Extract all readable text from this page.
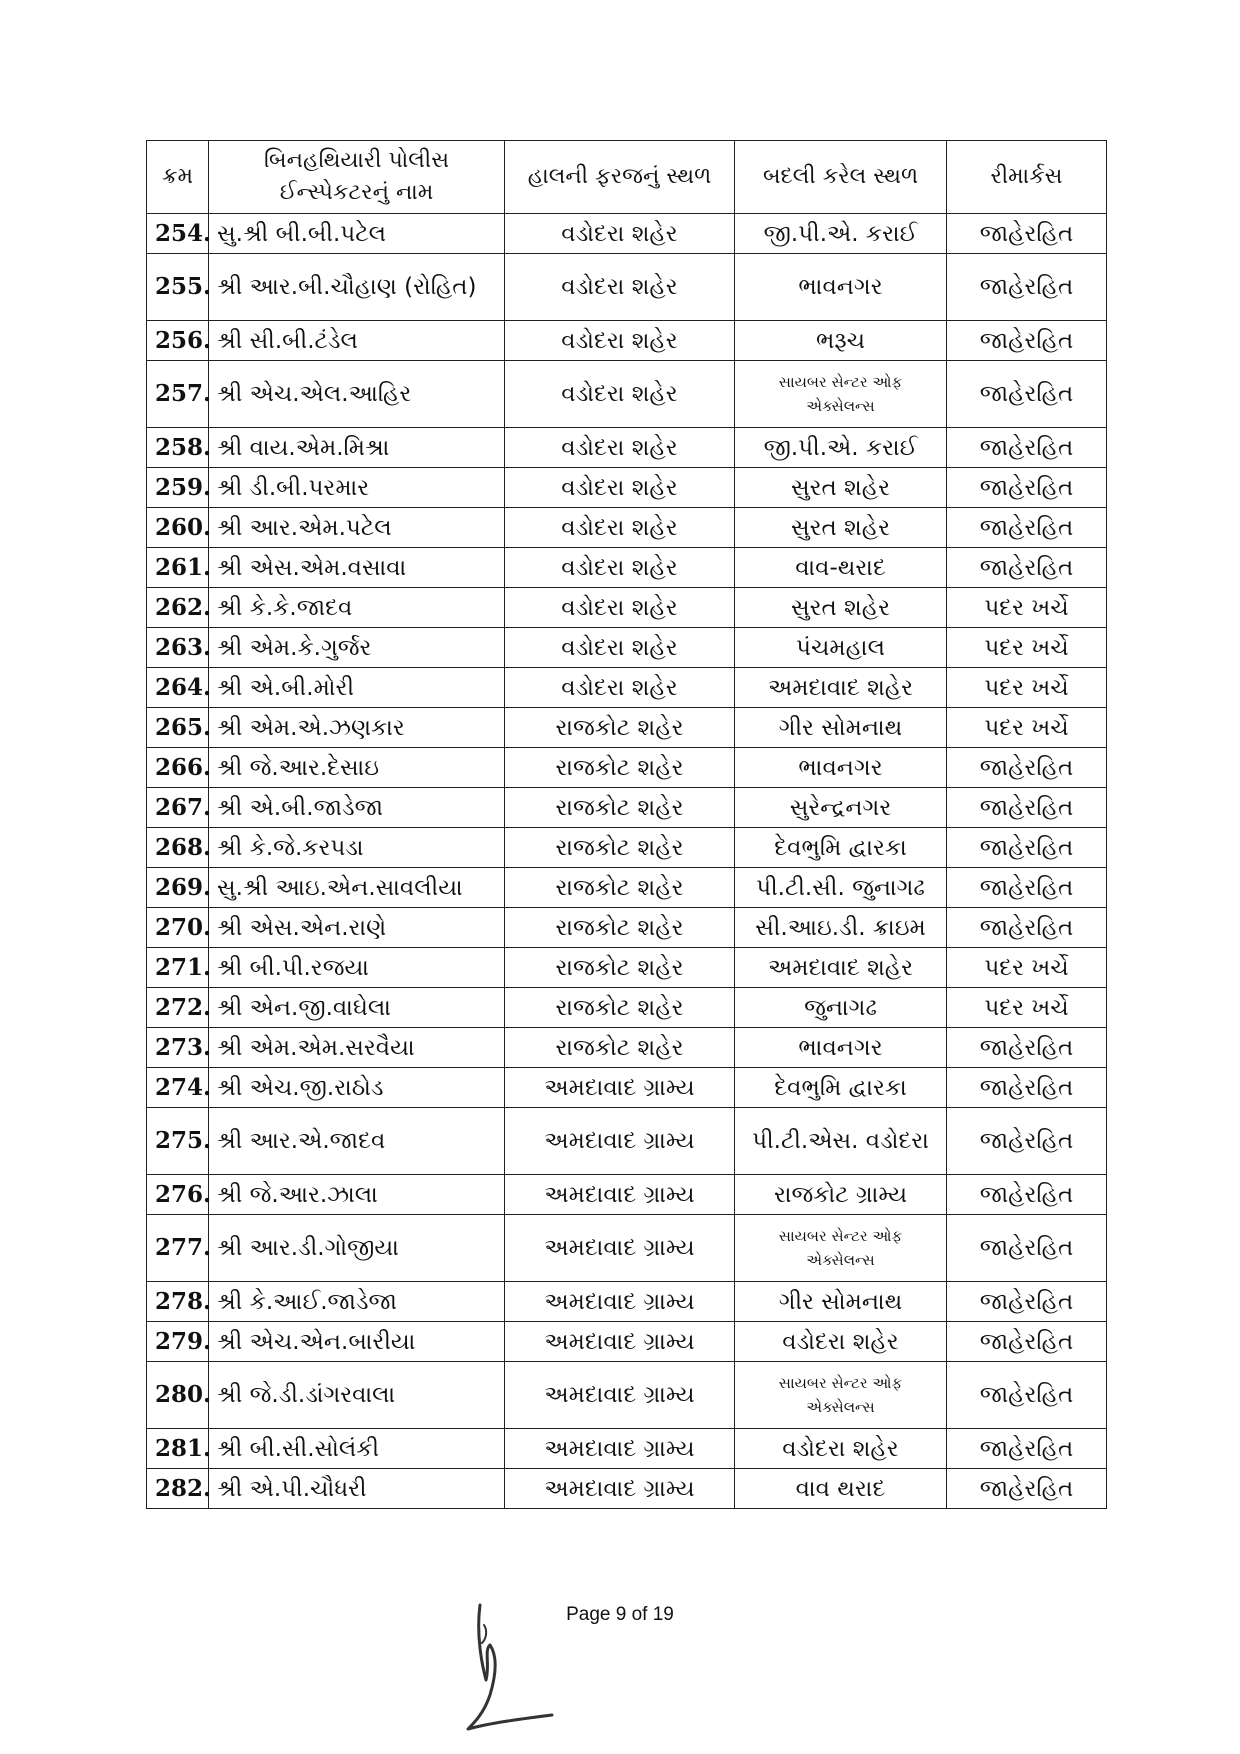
ક્રમ	બિનહથિયારી પોલીસ ઈન્સ્પેકટરનું નામ	હાલની ફરજનું સ્થળ	બદલી કરેલ સ્થળ	રીમાર્કસ
254.	સુ.શ્રી બી.બી.પટેલ	વડોદરા શહેર	જી.પી.એ. કરાઈ	જાહેરહિત
255.	શ્રી આર.બી.ચૌહાણ (રોહિત)	વડોદરા શહેર	ભાવનગર	જાહેરહિત
256.	શ્રી સી.બી.ટંડેલ	વડોદરા શહેર	ભરૂચ	જાહેરહિત
257.	શ્રી એચ.એલ.આહિર	વડોદરા શહેર	સાયબર સેન્ટર ઓફ એક્સેલન્સ	જાહેરહિત
258.	શ્રી વાય.એમ.મિશ્રા	વડોદરા શહેર	જી.પી.એ. કરાઈ	જાહેરહિત
259.	શ્રી ડી.બી.પરમાર	વડોદરા શહેર	સુરત શહેર	જાહેરહિત
260.	શ્રી આર.એમ.પટેલ	વડોદરા શહેર	સુરત શહેર	જાહેરહિત
261.	શ્રી એસ.એમ.વસાવા	વડોદરા શહેર	વાવ-થરાદ	જાહેરહિત
262.	શ્રી કે.કે.જાદવ	વડોદરા શહેર	સુરત શહેર	પદર ખર્ચે
263.	શ્રી એમ.કે.ગુર્જર	વડોદરા શહેર	પંચમહાલ	પદર ખર્ચે
264.	શ્રી એ.બી.મોરી	વડોદરા શહેર	અમદાવાદ શહેર	પદર ખર્ચે
265.	શ્રી એમ.એ.ઝણકાર	રાજકોટ શહેર	ગીર સોમનાથ	પદર ખર્ચે
266.	શ્રી જે.આર.દેસાઇ	રાજકોટ શહેર	ભાવનગર	જાહેરહિત
267.	શ્રી એ.બી.જાડેજા	રાજકોટ શહેર	સુરેન્દ્રનગર	જાહેરહિત
268.	શ્રી કે.જે.કરપડા	રાજકોટ શહેર	દેવભુમિ દ્વારકા	જાહેરહિત
269.	સુ.શ્રી આઇ.એન.સાવલીયા	રાજકોટ શહેર	પી.ટી.સી. જુનાગઢ	જાહેરહિત
270.	શ્રી એસ.એન.રાણે	રાજકોટ શહેર	સી.આઇ.ડી. ક્રાઇમ	જાહેરહિત
271.	શ્રી બી.પી.રજયા	રાજકોટ શહેર	અમદાવાદ શહેર	પદર ખર્ચે
272.	શ્રી એન.જી.વાઘેલા	રાજકોટ શહેર	જુનાગઢ	પદર ખર્ચે
273.	શ્રી એમ.એમ.સરવૈયા	રાજકોટ શહેર	ભાવનગર	જાહેરહિત
274.	શ્રી એચ.જી.રાઠોડ	અમદાવાદ ગ્રામ્ય	દેવભુમિ દ્વારકા	જાહેરહિત
275.	શ્રી આર.એ.જાદવ	અમદાવાદ ગ્રામ્ય	પી.ટી.એસ. વડોદરા	જાહેરહિત
276.	શ્રી જે.આર.ઝાલા	અમદાવાદ ગ્રામ્ય	રાજકોટ ગ્રામ્ય	જાહેરહિત
277.	શ્રી આર.ડી.ગોજીયા	અમદાવાદ ગ્રામ્ય	સાયબર સેન્ટર ઓફ એક્સેલન્સ	જાહેરહિત
278.	શ્રી કે.આઈ.જાડેજા	અમદાવાદ ગ્રામ્ય	ગીર સોમનાથ	જાહેરહિત
279.	શ્રી એચ.એન.બારીયા	અમદાવાદ ગ્રામ્ય	વડોદરા શહેર	જાહેરહિત
280.	શ્રી જે.ડી.ડાંગરવાલા	અમદાવાદ ગ્રામ્ય	સાયબર સેન્ટર ઓફ એક્સેલન્સ	જાહેરહિત
281.	શ્રી બી.સી.સોલંકી	અમદાવાદ ગ્રામ્ય	વડોદરા શહેર	જાહેરહિત
282.	શ્રી એ.પી.ચૌધરી	અમદાવાદ ગ્રામ્ય	વાવ થરાદ	જાહેરહિત
Page 9 of 19
